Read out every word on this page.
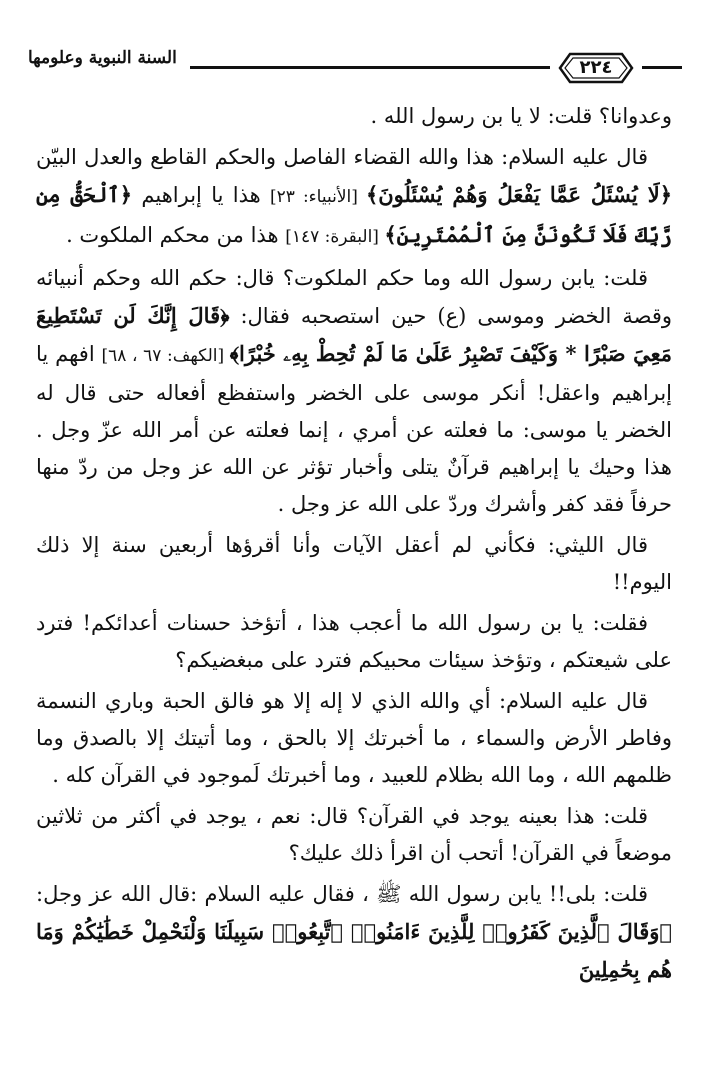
السنة النبوية وعلومها	٢٢٤

وعدوانا؟ قلت: لا يا بن رسول الله .

قال عليه السلام: هذا والله القضاء الفاصل والحكم القاطع والعدل البيّن ﴿لَا يُسْئَلُ عَمَّا يَفْعَلُ وَهُمْ يُسْئَلُونَ﴾ [الأنبياء: ٢٣] هذا يا إبراهيم ﴿ٱلْحَقُّ مِن رَّبِّكَ فَلَا تَكُونَنَّ مِنَ ٱلْمُمْتَرِينَ﴾ [البقرة: ١٤٧] هذا من محكم الملكوت .

قلت: يابن رسول الله وما حكم الملكوت؟ قال: حكم الله وحكم أنبيائه وقصة الخضر وموسى (ع) حين استصحبه فقال: ﴿قَالَ إِنَّكَ لَن تَسْتَطِيعَ مَعِيَ صَبْرًا * وَكَيْفَ تَصْبِرُ عَلَىٰ مَا لَمْ تُحِطْ بِهِۦ خُبْرًا﴾ [الكهف: ٦٧ ، ٦٨] افهم يا إبراهيم واعقل! أنكر موسى على الخضر واستفظع أفعاله حتى قال له الخضر يا موسى: ما فعلته عن أمري ، إنما فعلته عن أمر الله عزّ وجل . هذا وحيك يا إبراهيم قرآنٌ يتلى وأخبار تؤثر عن الله عز وجل من ردّ منها حرفاً فقد كفر وأشرك وردّ على الله عز وجل .

قال الليثي: فكأني لم أعقل الآيات وأنا أقرؤها أربعين سنة إلا ذلك اليوم!!

فقلت: يا بن رسول الله ما أعجب هذا ، أتؤخذ حسنات أعدائكم! فترد على شيعتكم ، وتؤخذ سيئات محبيكم فترد على مبغضيكم؟

قال عليه السلام: أي والله الذي لا إله إلا هو فالق الحبة وباري النسمة وفاطر الأرض والسماء ، ما أخبرتك إلا بالحق ، وما أتيتك إلا بالصدق وما ظلمهم الله ، وما الله بظلام للعبيد ، وما أخبرتك لَموجود في القرآن كله .

قلت: هذا بعينه يوجد في القرآن؟ قال: نعم ، يوجد في أكثر من ثلاثين موضعاً في القرآن! أتحب أن اقرأ ذلك عليك؟

قلت: بلى!! يابن رسول الله ﷺ ، فقال عليه السلام :قال الله عز وجل: ﴿وَقَالَ ٱلَّذِينَ كَفَرُوا۟ لِلَّذِينَ ءَامَنُوا۟ ٱتَّبِعُوا۟ سَبِيلَنَا وَلْنَحْمِلْ خَطَٰيَٰكُمْ وَمَا هُم بِحَٰمِلِينَ
